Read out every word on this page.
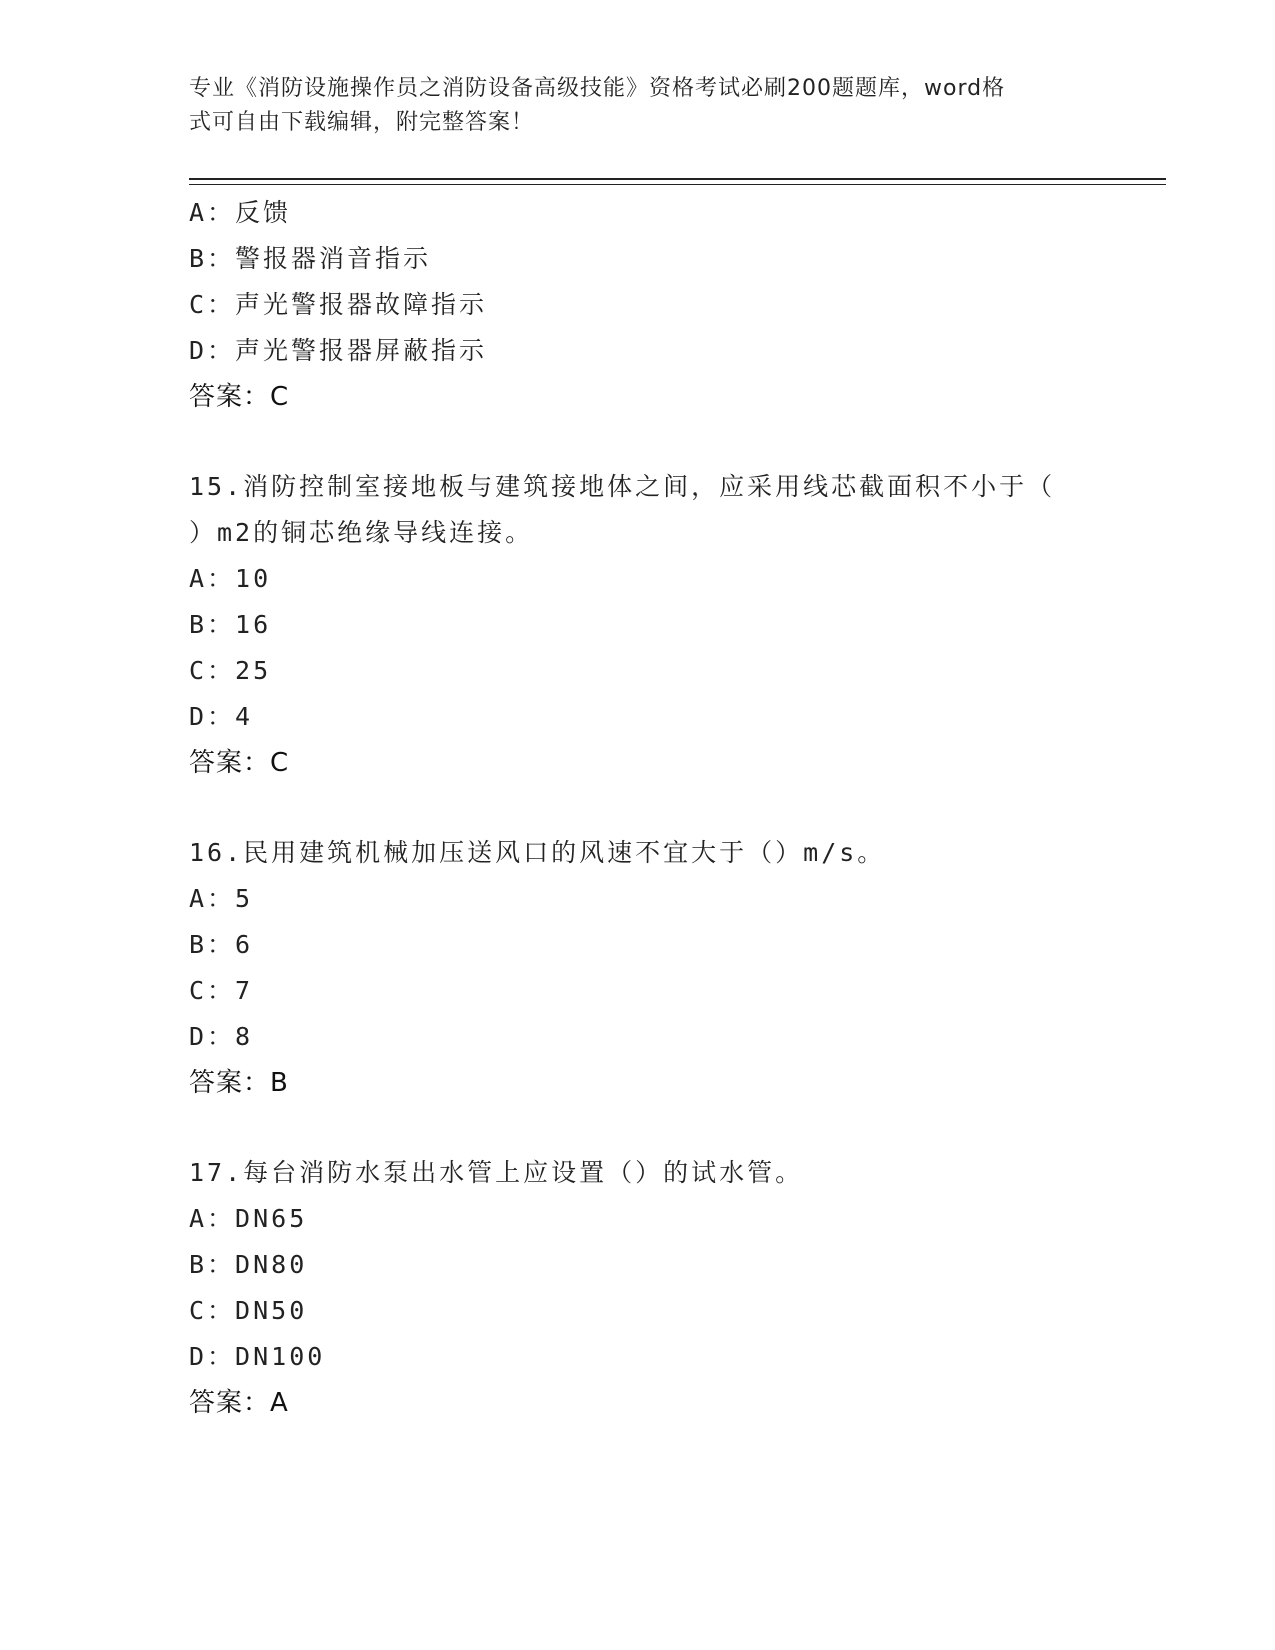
专业《消防设施操作员之消防设备高级技能》资格考试必刷200题题库，word格
式可自由下载编辑，附完整答案！
A：反馈
B：警报器消音指示
C：声光警报器故障指示
D：声光警报器屏蔽指示
答案：C
15.消防控制室接地板与建筑接地体之间，应采用线芯截面积不小于（
）m2的铜芯绝缘导线连接。
A：10
B：16
C：25
D：4
答案：C
16.民用建筑机械加压送风口的风速不宜大于（）m/s。
A：5
B：6
C：7
D：8
答案：B
17.每台消防水泵出水管上应设置（）的试水管。
A：DN65
B：DN80
C：DN50
D：DN100
答案：A
